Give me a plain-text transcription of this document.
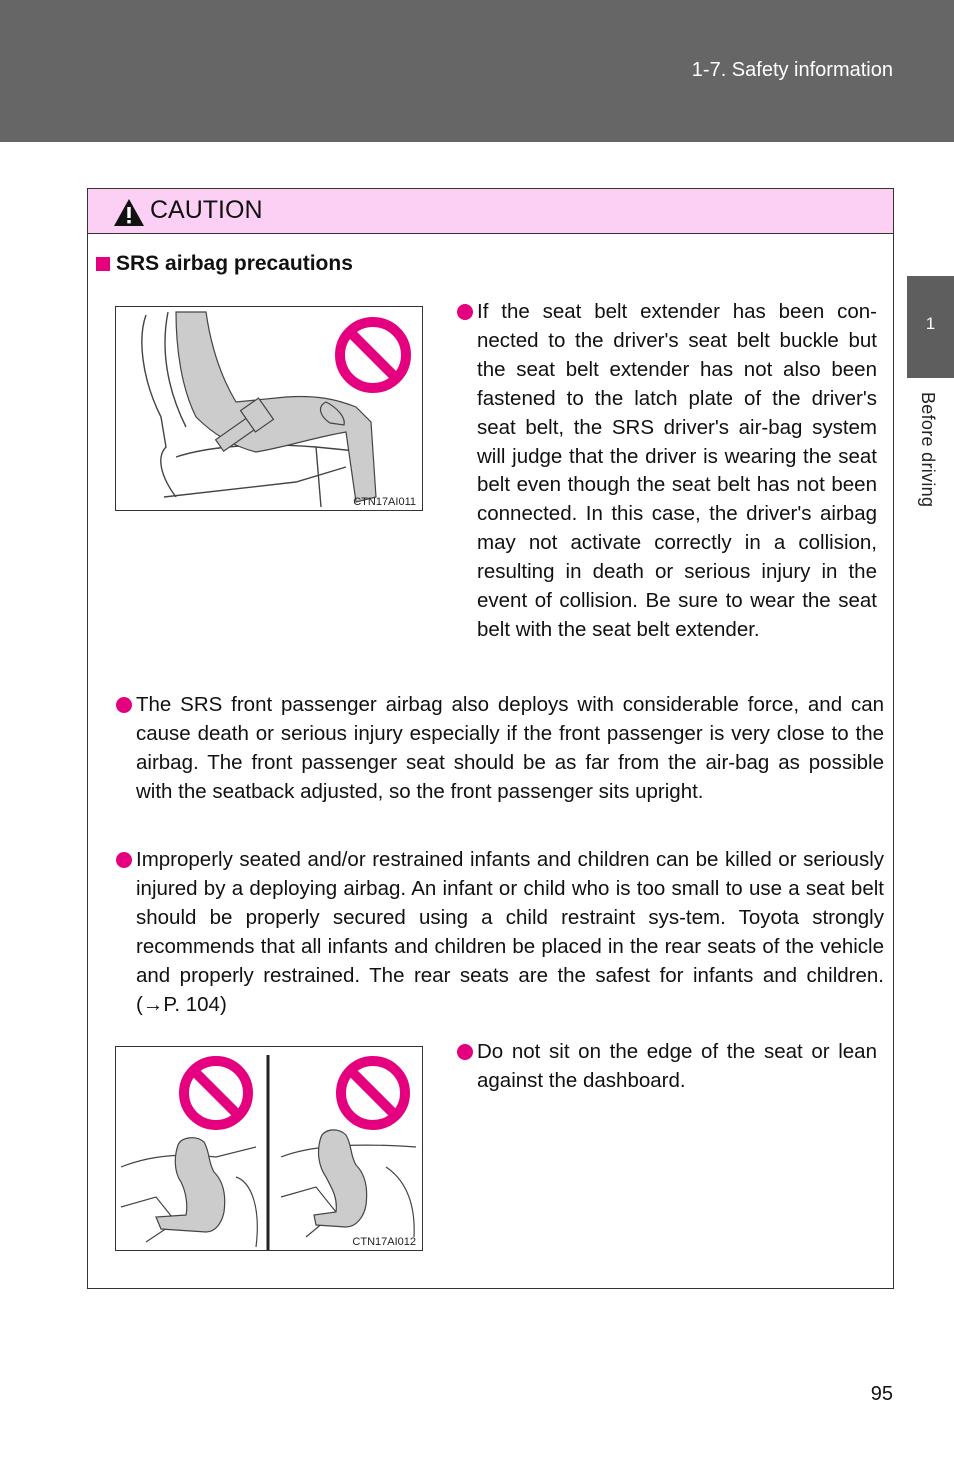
1-7. Safety information
1
Before driving
CAUTION
SRS airbag precautions
CTN17AI011
If the seat belt extender has been con-nected to the driver's seat belt buckle but the seat belt extender has not also been fastened to the latch plate of the driver's seat belt, the SRS driver's air-bag system will judge that the driver is wearing the seat belt even though the seat belt has not been connected. In this case, the driver's airbag may not activate correctly in a collision, resulting in death or serious injury in the event of collision. Be sure to wear the seat belt with the seat belt extender.
The SRS front passenger airbag also deploys with considerable force, and can cause death or serious injury especially if the front passenger is very close to the airbag. The front passenger seat should be as far from the air-bag as possible with the seatback adjusted, so the front passenger sits upright.
Improperly seated and/or restrained infants and children can be killed or seriously injured by a deploying airbag. An infant or child who is too small to use a seat belt should be properly secured using a child restraint sys-tem. Toyota strongly recommends that all infants and children be placed in the rear seats of the vehicle and properly restrained. The rear seats are the safest for infants and children. (→P. 104)
CTN17AI012
Do not sit on the edge of the seat or lean against the dashboard.
95
